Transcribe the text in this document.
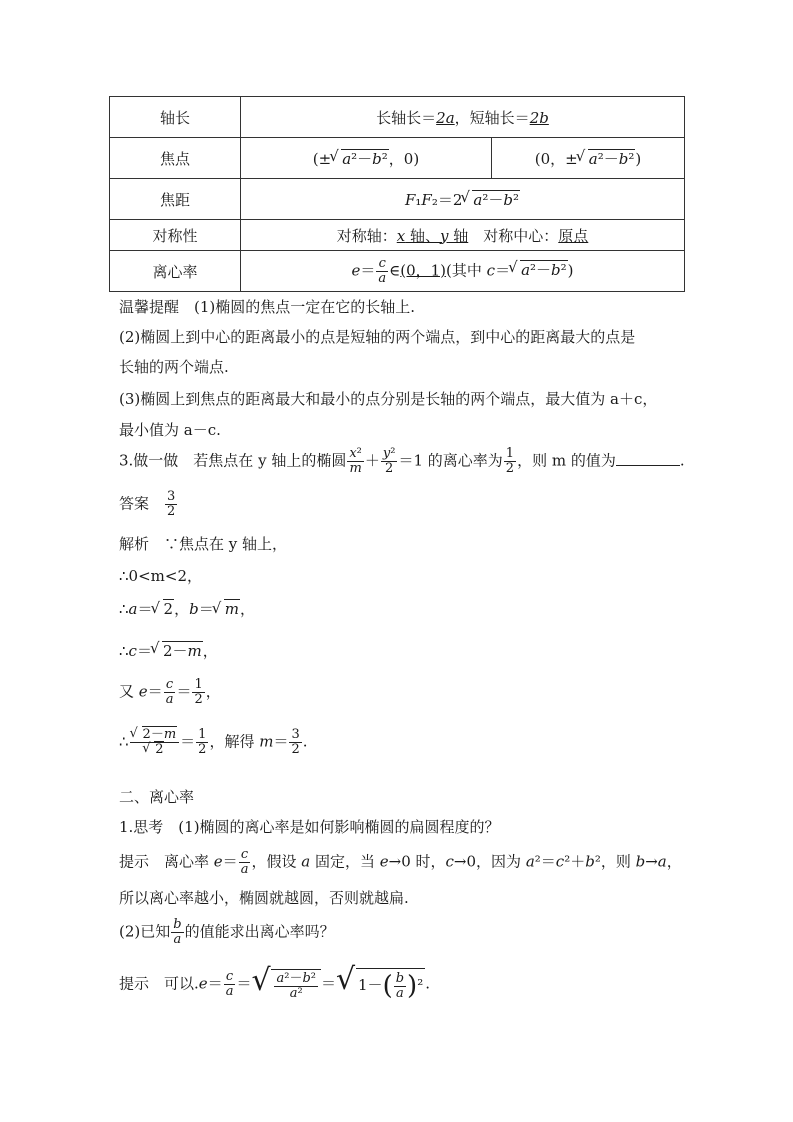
轴长	长轴长＝2a，短轴长＝2b	
焦点	(± √ a²－b²，0)	(0，± √ a²－b²)
焦距	F₁F₂＝2 √ a²－b²
对称性	对称轴：x 轴、y 轴　对称中心：原点	
离心率	$e= \frac{c}{a}$ ∈(0，1)(其中 c＝ √ a²－b²)
温馨提醒　(1)椭圆的焦点一定在它的长轴上.
(2)椭圆上到中心的距离最小的点是短轴的两个端点，到中心的距离最大的点是
长轴的两个端点.
(3)椭圆上到焦点的距离最大和最小的点分别是长轴的两个端点，最大值为 a＋c，
最小值为 a－c.
3.做一做　若焦点在 y 轴上的椭圆 $\frac{\text{x²}}{m} + \frac{\text{y²}}{2} =1$ 的离心率为 $\frac{1}{2}$ ，则 m 的值为	.
答案　 $\frac{3}{2}$
解析　∵焦点在 y 轴上，
∴0<m<2，
∴a＝ √ 2，b＝ √ m，
∴c＝ √ 2－m，
又 $e= \frac{c}{a} = \frac{1}{2}$ ，
∴ √ 2－m
√ $2 = \frac{1}{2}$ ，解得 $m= \frac{3}{2}$ .
二、离心率
1.思考　(1)椭圆的离心率是如何影响椭圆的扁圆程度的？
提示　离心率 $e= \frac{c}{a}$ ，假设 a 固定，当 e→0 时，c→0，因为 a²＝c²＋b²，则 b→a，
所以离心率越小，椭圆就越圆，否则就越扁.
(2)已知 $\frac{b}{a}$ 的值能求出离心率吗？
提示　可以$.e= \frac{c}{a}$ ＝ √ $\frac{\text{a²－b²}}{\text{a²}}$ ＝ √ $1-( \frac{b}{a} )^2$ .
